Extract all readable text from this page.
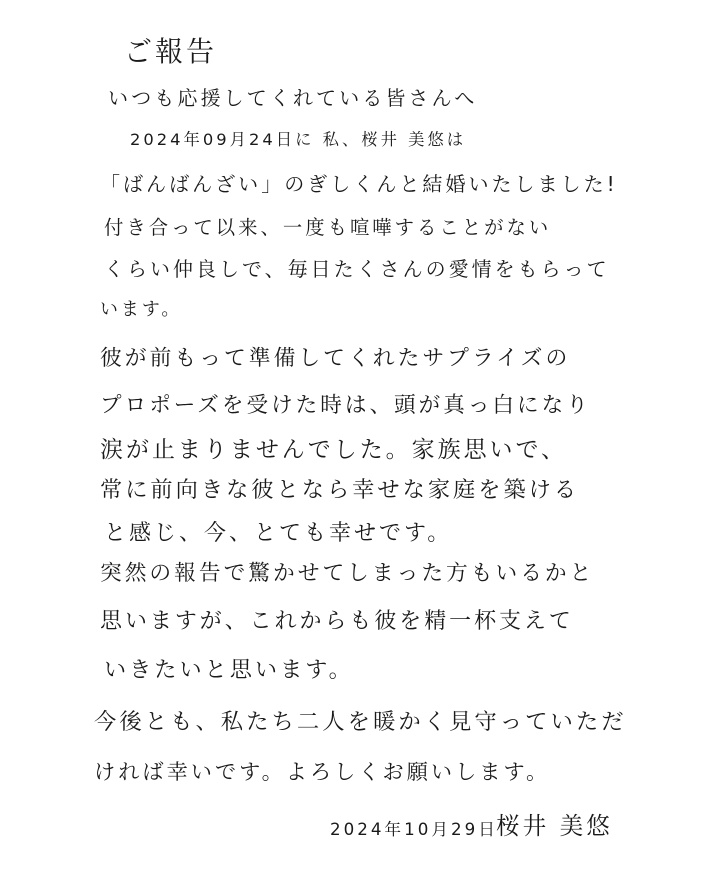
ご報告
いつも応援してくれている皆さんへ
2024年09月24日に 私、桜井 美悠は
「ばんばんざい」のぎしくんと結婚いたしました!
付き合って以来、一度も喧嘩することがない
くらい仲良しで、毎日たくさんの愛情をもらって
います。
彼が前もって準備してくれたサプライズの
プロポーズを受けた時は、頭が真っ白になり
涙が止まりませんでした。家族思いで、
常に前向きな彼となら幸せな家庭を築ける
と感じ、今、とても幸せです。
突然の報告で驚かせてしまった方もいるかと
思いますが、これからも彼を精一杯支えて
いきたいと思います。
今後とも、私たち二人を暖かく見守っていただ
ければ幸いです。よろしくお願いします。
2024年10月29日
桜井 美悠
